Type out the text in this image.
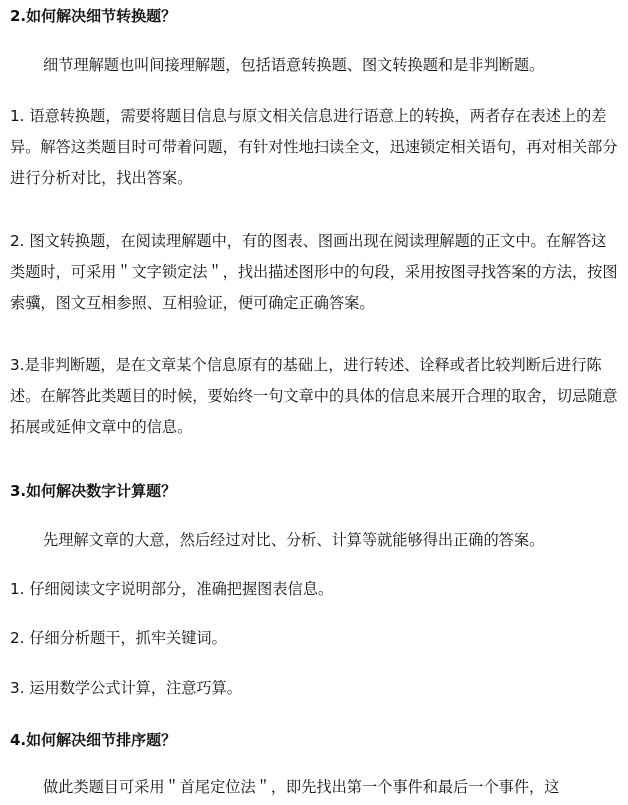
2.如何解决细节转换题？

细节理解题也叫间接理解题，包括语意转换题、图文转换题和是非判断题。

1. 语意转换题，需要将题目信息与原文相关信息进行语意上的转换，两者存在表述上的差异。解答这类题目时可带着问题，有针对性地扫读全文，迅速锁定相关语句，再对相关部分进行分析对比，找出答案。

2. 图文转换题，在阅读理解题中，有的图表、图画出现在阅读理解题的正文中。在解答这类题时，可采用＂文字锁定法＂，找出描述图形中的句段，采用按图寻找答案的方法，按图索骥，图文互相参照、互相验证，便可确定正确答案。

3.是非判断题，是在文章某个信息原有的基础上，进行转述、诠释或者比较判断后进行陈述。在解答此类题目的时候，要始终一句文章中的具体的信息来展开合理的取舍，切忌随意拓展或延伸文章中的信息。

3.如何解决数字计算题？

先理解文章的大意，然后经过对比、分析、计算等就能够得出正确的答案。

1. 仔细阅读文字说明部分，准确把握图表信息。

2. 仔细分析题干，抓牢关键词。

3. 运用数学公式计算，注意巧算。

4.如何解决细节排序题？

做此类题目可采用＂首尾定位法＂，即先找出第一个事件和最后一个事件，这
